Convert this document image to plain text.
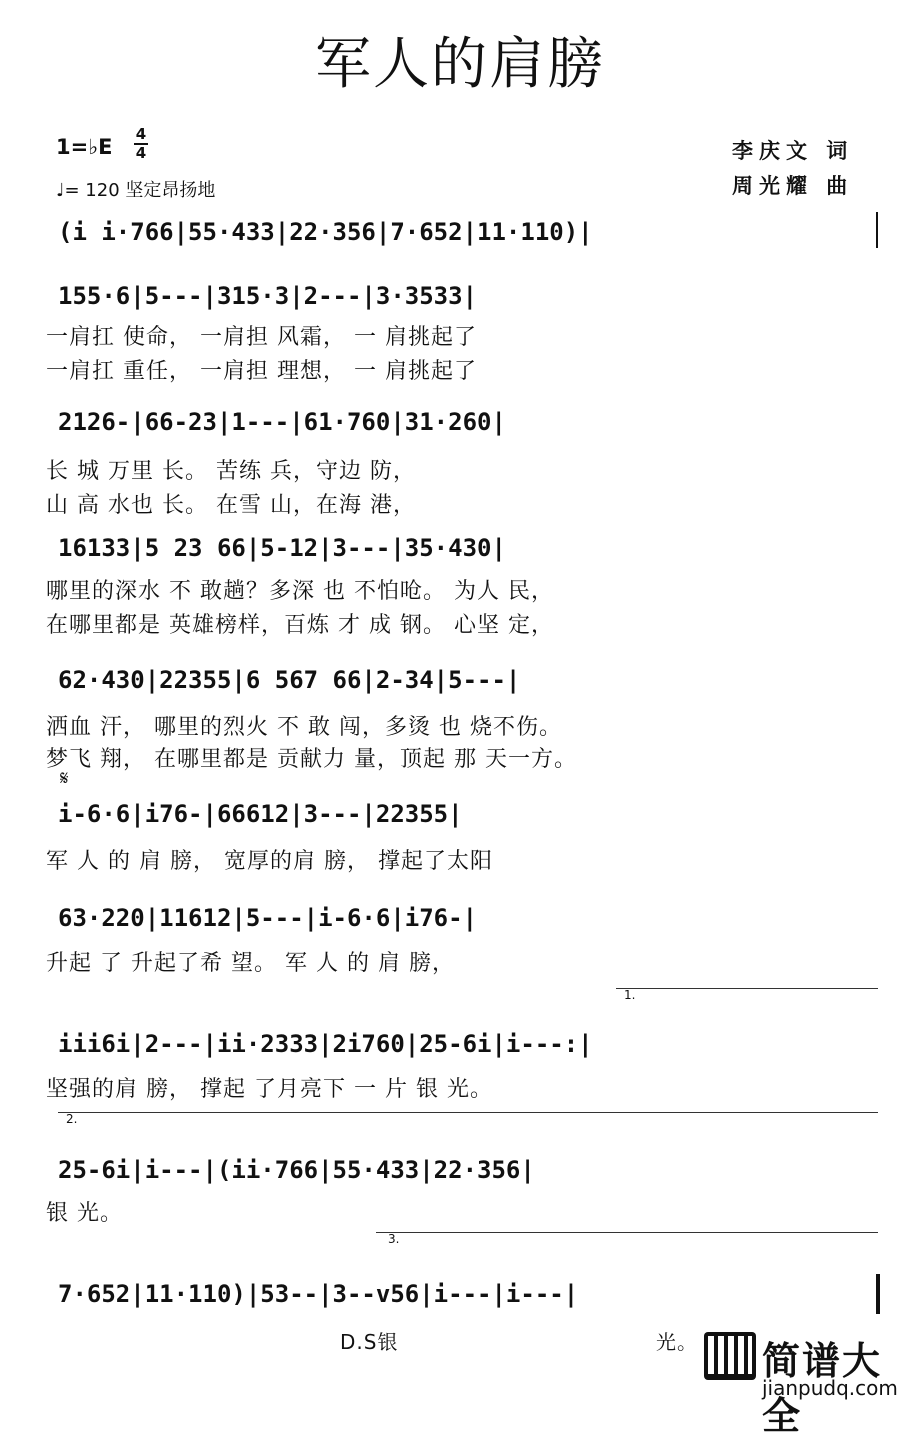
军人的肩膀
1=♭E
4
4
♩= 120 坚定昂扬地
李庆文 词
周光耀 曲
(i i·766|55·433|22·356|7·652|11·110)|
155·6|5---|315·3|2---|3·3533|
一肩扛 使命， 一肩担 风霜， 一 肩挑起了
一肩扛 重任， 一肩担 理想， 一 肩挑起了
2126-|66-23|1---|61·760|31·260|
长 城 万里 长。 苦练 兵，守边 防，
山 高 水也 长。 在雪 山，在海 港，
16133|5 23 66|5-12|3---|35·430|
哪里的深水 不 敢趟？多深 也 不怕呛。 为人 民，
在哪里都是 英雄榜样，百炼 才 成 钢。 心坚 定，
62·430|22355|6 567 66|2-34|5---|
洒血 汗， 哪里的烈火 不 敢 闯，多烫 也 烧不伤。
梦飞 翔， 在哪里都是 贡献力 量，顶起 那 天一方。
𝄋
i-6·6|i76-|66612|3---|22355|
军 人 的 肩 膀， 宽厚的肩 膀， 撑起了太阳
63·220|11612|5---|i-6·6|i76-|
升起 了 升起了希 望。 军 人 的 肩 膀，
1.
iii6i|2---|ii·2333|2i760|25-6i|i---:|
坚强的肩 膀， 撑起 了月亮下 一 片 银 光。
2.
25-6i|i---|(ii·766|55·433|22·356|
银 光。
3.
7·652|11·110)|53--|3--v56|i---|i---|
D.S银	光。 简谱大全
jianpudq.com
